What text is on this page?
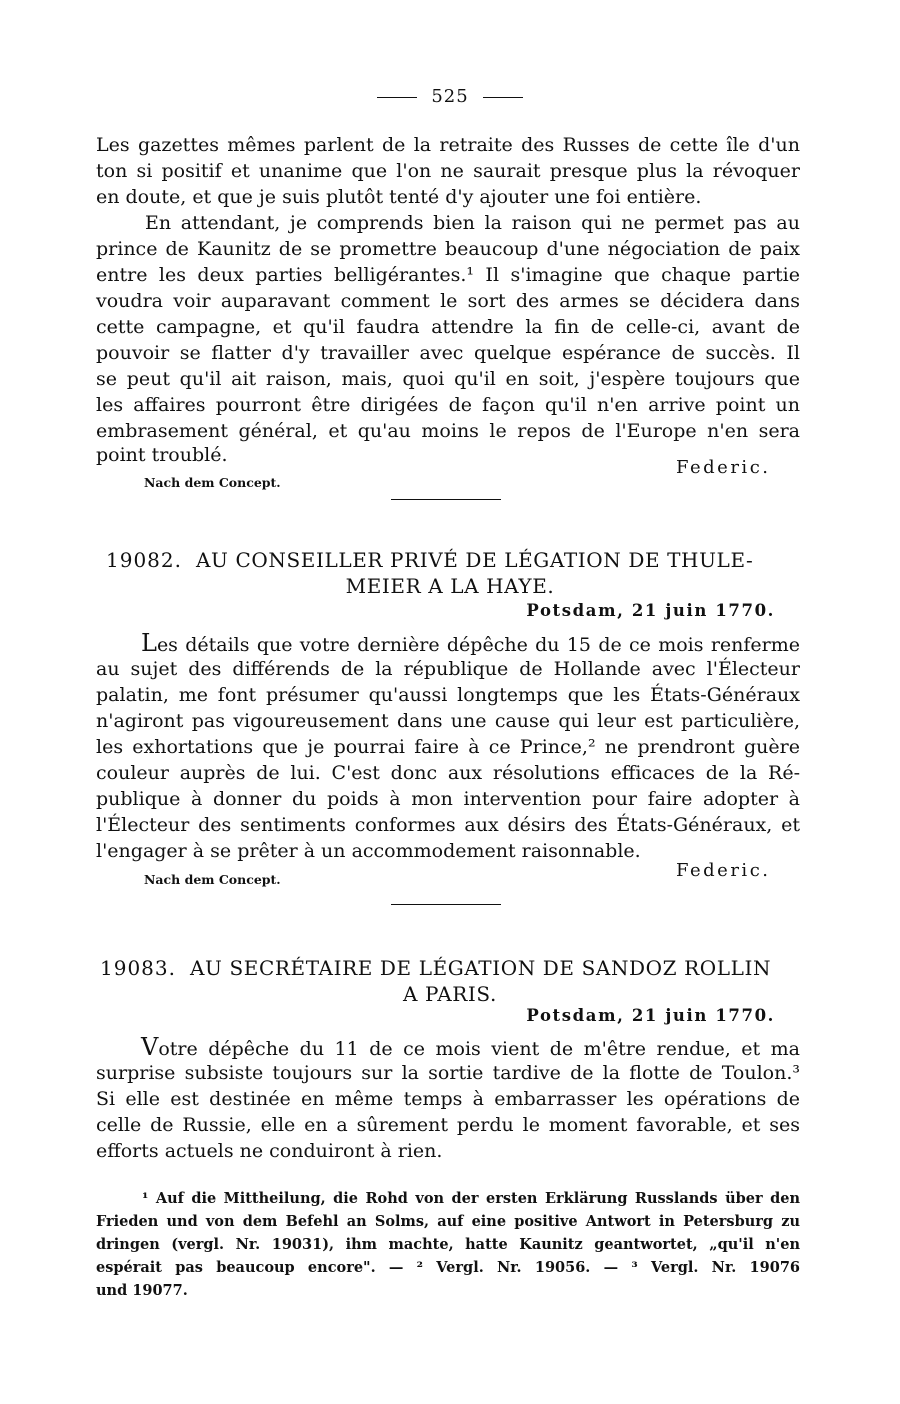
525
Les gazettes mêmes parlent de la retraite des Russes de cette île d'un
ton si positif et unanime que l'on ne saurait presque plus la révoquer
en doute, et que je suis plutôt tenté d'y ajouter une foi entière.
En attendant, je comprends bien la raison qui ne permet pas au
prince de Kaunitz de se promettre beaucoup d'une négociation de paix
entre les deux parties belligérantes.¹ Il s'imagine que chaque partie
voudra voir auparavant comment le sort des armes se décidera dans
cette campagne, et qu'il faudra attendre la fin de celle-ci, avant de
pouvoir se flatter d'y travailler avec quelque espérance de succès. Il
se peut qu'il ait raison, mais, quoi qu'il en soit, j'espère toujours que
les affaires pourront être dirigées de façon qu'il n'en arrive point un
embrasement général, et qu'au moins le repos de l'Europe n'en sera
point troublé.
Federic.
Nach dem Concept.
19082. AU CONSEILLER PRIVÉ DE LÉGATION DE THULE-
MEIER A LA HAYE.
Potsdam, 21 juin 1770.
Les détails que votre dernière dépêche du 15 de ce mois renferme
au sujet des différends de la république de Hollande avec l'Électeur
palatin, me font présumer qu'aussi longtemps que les États-Généraux
n'agiront pas vigoureusement dans une cause qui leur est particulière,
les exhortations que je pourrai faire à ce Prince,² ne prendront guère
couleur auprès de lui. C'est donc aux résolutions efficaces de la Ré-
publique à donner du poids à mon intervention pour faire adopter à
l'Électeur des sentiments conformes aux désirs des États-Généraux, et
l'engager à se prêter à un accommodement raisonnable.
Nach dem Concept.	Federic.
19083. AU SECRÉTAIRE DE LÉGATION DE SANDOZ ROLLIN
A PARIS.
Potsdam, 21 juin 1770.
Votre dépêche du 11 de ce mois vient de m'être rendue, et ma
surprise subsiste toujours sur la sortie tardive de la flotte de Toulon.³
Si elle est destinée en même temps à embarrasser les opérations de
celle de Russie, elle en a sûrement perdu le moment favorable, et ses
efforts actuels ne conduiront à rien.
¹ Auf die Mittheilung, die Rohd von der ersten Erklärung Russlands über den
Frieden und von dem Befehl an Solms, auf eine positive Antwort in Petersburg zu
dringen (vergl. Nr. 19031), ihm machte, hatte Kaunitz geantwortet, „qu'il n'en
espérait pas beaucoup encore". — ² Vergl. Nr. 19056. — ³ Vergl. Nr. 19076
und 19077.
